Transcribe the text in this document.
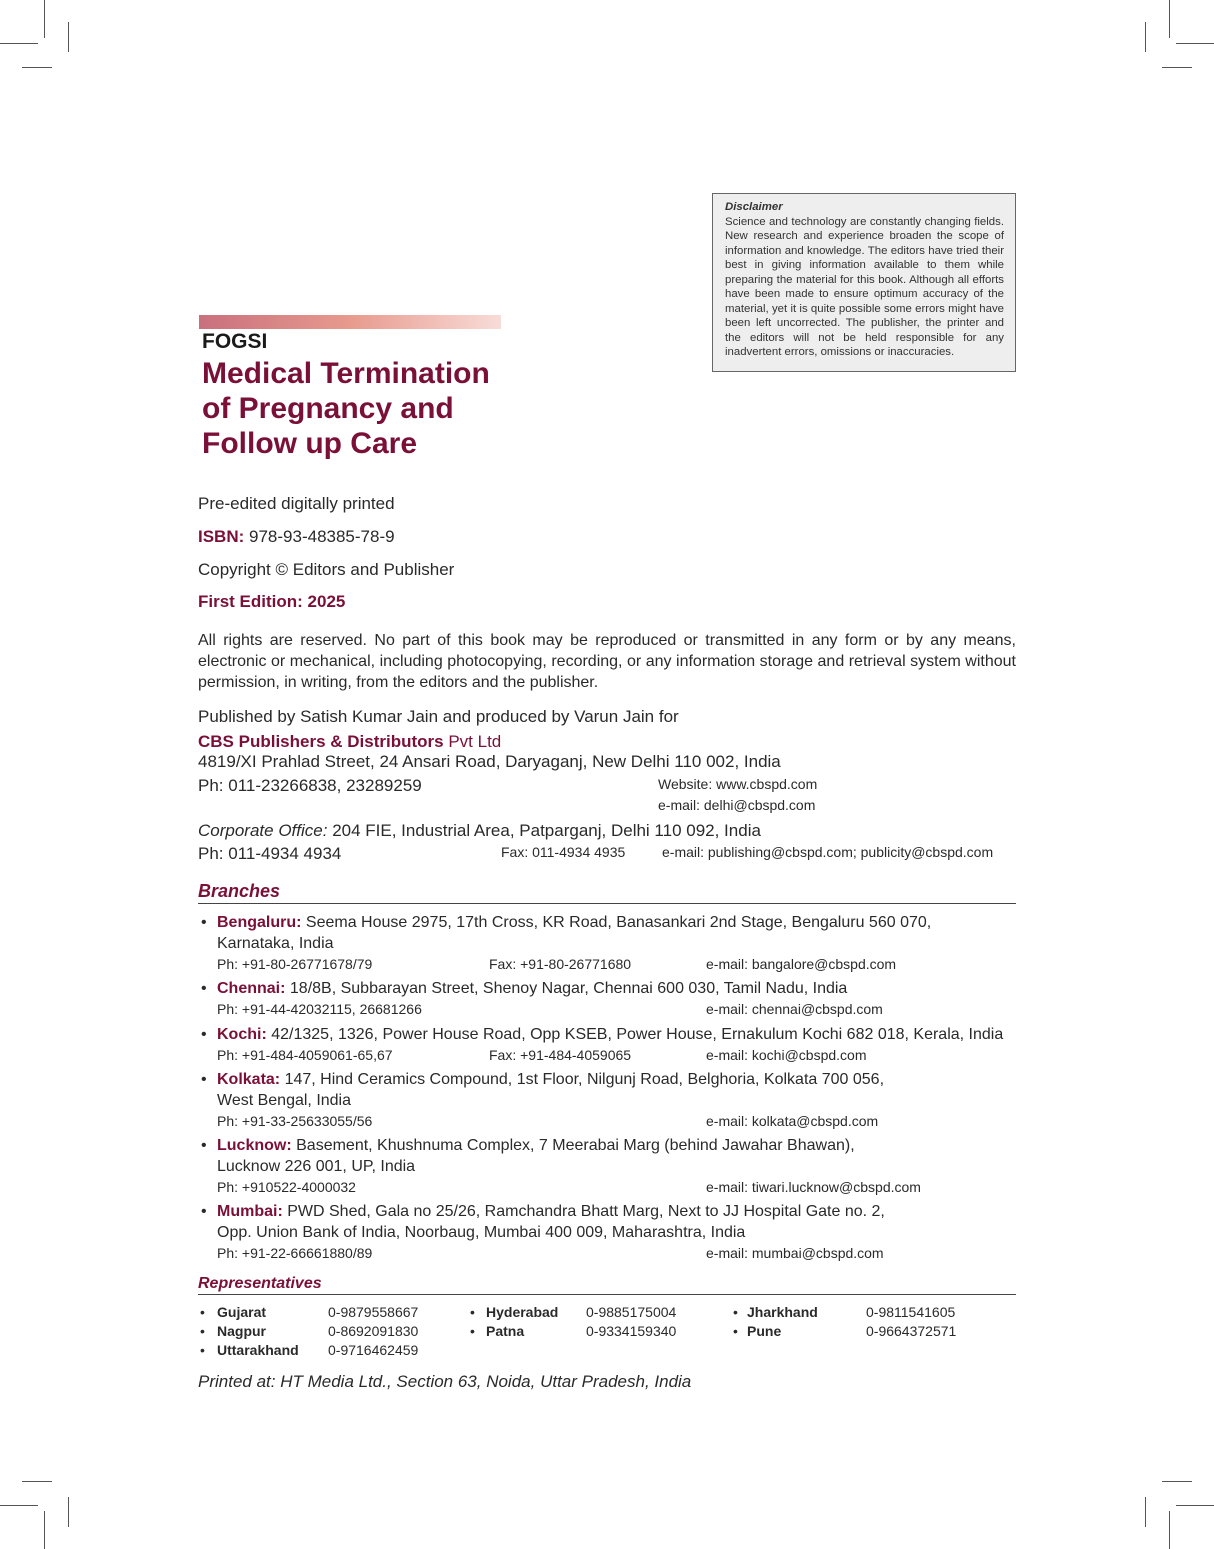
Disclaimer
Science and technology are constantly changing fields. New research and experience broaden the scope of information and knowledge. The editors have tried their best in giving information available to them while preparing the material for this book. Although all efforts have been made to ensure optimum accuracy of the material, yet it is quite possible some errors might have been left uncorrected. The publisher, the printer and the editors will not be held responsible for any inadvertent errors, omissions or inaccuracies.
FOGSI
Medical Termination of Pregnancy and Follow up Care
Pre-edited digitally printed
ISBN: 978-93-48385-78-9
Copyright © Editors and Publisher
First Edition: 2025
All rights are reserved. No part of this book may be reproduced or transmitted in any form or by any means, electronic or mechanical, including photocopying, recording, or any information storage and retrieval system without permission, in writing, from the editors and the publisher.
Published by Satish Kumar Jain and produced by Varun Jain for
CBS Publishers & Distributors Pvt Ltd
4819/XI Prahlad Street, 24 Ansari Road, Daryaganj, New Delhi 110 002, India
Ph: 011-23266838, 23289259	Website: www.cbspd.com
e-mail: delhi@cbspd.com
Corporate Office: 204 FIE, Industrial Area, Patparganj, Delhi 110 092, India
Ph: 011-4934 4934	Fax: 011-4934 4935	e-mail: publishing@cbspd.com; publicity@cbspd.com
Branches
• Bengaluru: Seema House 2975, 17th Cross, KR Road, Banasankari 2nd Stage, Bengaluru 560 070,
Karnataka, India
Ph: +91-80-26771678/79	Fax: +91-80-26771680	e-mail: bangalore@cbspd.com
• Chennai: 18/8B, Subbarayan Street, Shenoy Nagar, Chennai 600 030, Tamil Nadu, India
Ph: +91-44-42032115, 26681266	e-mail: chennai@cbspd.com
• Kochi: 42/1325, 1326, Power House Road, Opp KSEB, Power House, Ernakulum Kochi 682 018, Kerala, India
Ph: +91-484-4059061-65,67	Fax: +91-484-4059065	e-mail: kochi@cbspd.com
• Kolkata: 147, Hind Ceramics Compound, 1st Floor, Nilgunj Road, Belghoria, Kolkata 700 056,
West Bengal, India
Ph: +91-33-25633055/56	e-mail: kolkata@cbspd.com
• Lucknow: Basement, Khushnuma Complex, 7 Meerabai Marg (behind Jawahar Bhawan),
Lucknow 226 001, UP, India
Ph: +910522-4000032	e-mail: tiwari.lucknow@cbspd.com
• Mumbai: PWD Shed, Gala no 25/26, Ramchandra Bhatt Marg, Next to JJ Hospital Gate no. 2,
Opp. Union Bank of India, Noorbaug, Mumbai 400 009, Maharashtra, India
Ph: +91-22-66661880/89	e-mail: mumbai@cbspd.com
Representatives
• Gujarat	0-9879558667	• Hyderabad 0-9885175004	• Jharkhand	0-9811541605
• Nagpur	0-8692091830	• Patna	0-9334159340	• Pune	0-9664372571
• Uttarakhand 0-9716462459
Printed at: HT Media Ltd., Section 63, Noida, Uttar Pradesh, India
